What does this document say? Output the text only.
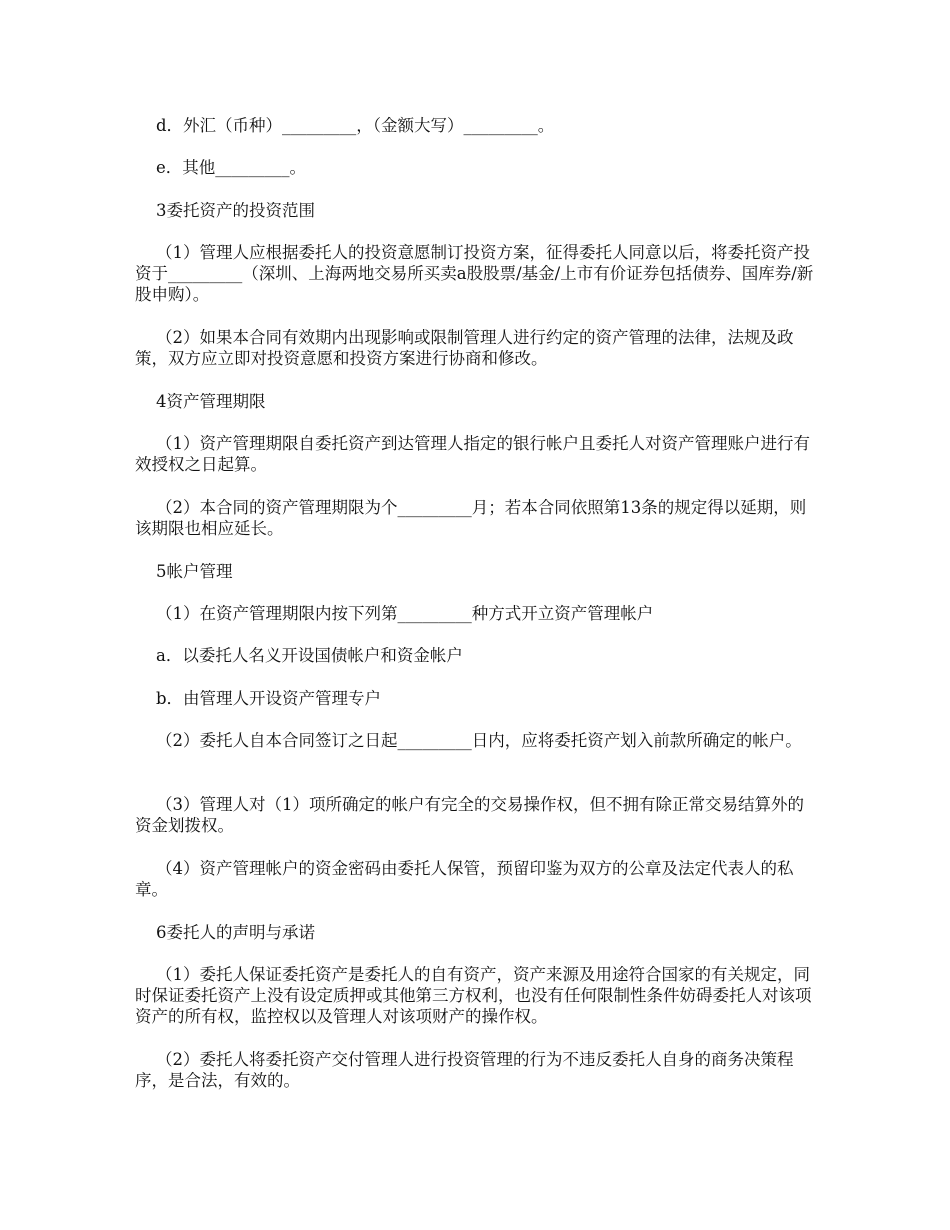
d．外汇（币种）_________，（金额大写）_________。

e．其他_________。

3委托资产的投资范围

（1）管理人应根据委托人的投资意愿制订投资方案，征得委托人同意以后，将委托资产投资于_________（深圳、上海两地交易所买卖a股股票/基金/上市有价证券包括债券、国库券/新股申购）。

（2）如果本合同有效期内出现影响或限制管理人进行约定的资产管理的法律，法规及政策，双方应立即对投资意愿和投资方案进行协商和修改。

4资产管理期限

（1）资产管理期限自委托资产到达管理人指定的银行帐户且委托人对资产管理账户进行有效授权之日起算。

（2）本合同的资产管理期限为个_________月；若本合同依照第13条的规定得以延期，则该期限也相应延长。

5帐户管理

（1）在资产管理期限内按下列第_________种方式开立资产管理帐户

a．以委托人名义开设国债帐户和资金帐户

b．由管理人开设资产管理专户

（2）委托人自本合同签订之日起_________日内，应将委托资产划入前款所确定的帐户。

（3）管理人对（1）项所确定的帐户有完全的交易操作权，但不拥有除正常交易结算外的资金划拨权。

（4）资产管理帐户的资金密码由委托人保管，预留印鉴为双方的公章及法定代表人的私章。

6委托人的声明与承诺

（1）委托人保证委托资产是委托人的自有资产，资产来源及用途符合国家的有关规定，同时保证委托资产上没有设定质押或其他第三方权利，也没有任何限制性条件妨碍委托人对该项资产的所有权，监控权以及管理人对该项财产的操作权。

（2）委托人将委托资产交付管理人进行投资管理的行为不违反委托人自身的商务决策程序，是合法，有效的。
